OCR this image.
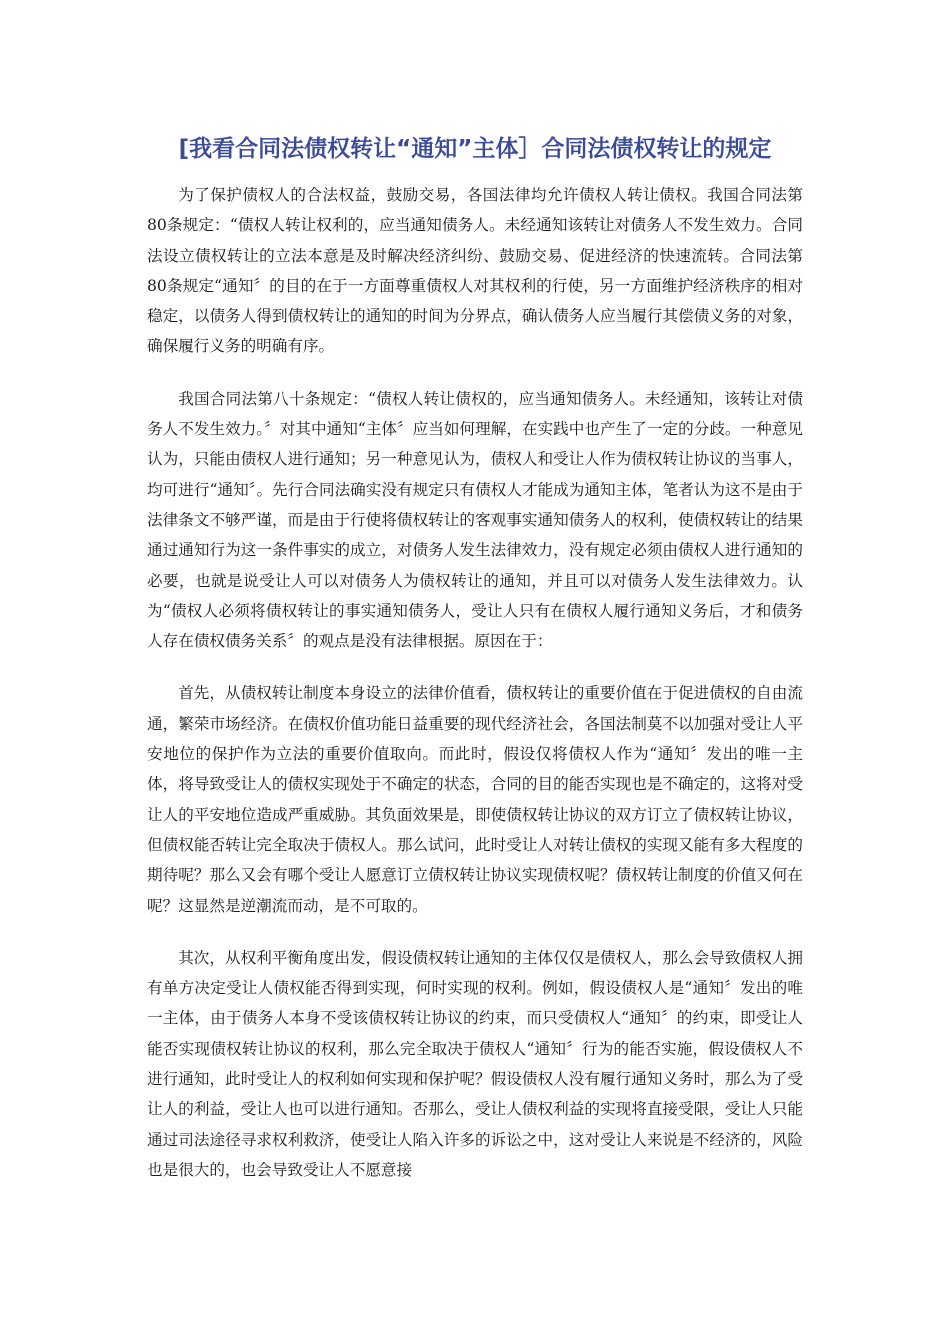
[我看合同法债权转让“通知”主体］合同法债权转让的规定

为了保护债权人的合法权益，鼓励交易，各国法律均允许债权人转让债权。我国合同法第80条规定：“债权人转让权利的，应当通知债务人。未经通知该转让对债务人不发生效力。合同法设立债权转让的立法本意是及时解决经济纠纷、鼓励交易、促进经济的快速流转。合同法第80条规定“通知〞的目的在于一方面尊重债权人对其权利的行使，另一方面维护经济秩序的相对稳定，以债务人得到债权转让的通知的时间为分界点，确认债务人应当履行其偿债义务的对象，确保履行义务的明确有序。

我国合同法第八十条规定：“债权人转让债权的，应当通知债务人。未经通知，该转让对债务人不发生效力。〞对其中通知“主体〞应当如何理解，在实践中也产生了一定的分歧。一种意见认为，只能由债权人进行通知；另一种意见认为，债权人和受让人作为债权转让协议的当事人，均可进行“通知〞。先行合同法确实没有规定只有债权人才能成为通知主体，笔者认为这不是由于法律条文不够严谨，而是由于行使将债权转让的客观事实通知债务人的权利，使债权转让的结果通过通知行为这一条件事实的成立，对债务人发生法律效力，没有规定必须由债权人进行通知的必要，也就是说受让人可以对债务人为债权转让的通知，并且可以对债务人发生法律效力。认为“债权人必须将债权转让的事实通知债务人，受让人只有在债权人履行通知义务后，才和债务人存在债权债务关系〞的观点是没有法律根据。原因在于：

首先，从债权转让制度本身设立的法律价值看，债权转让的重要价值在于促进债权的自由流通，繁荣市场经济。在债权价值功能日益重要的现代经济社会，各国法制莫不以加强对受让人平安地位的保护作为立法的重要价值取向。而此时，假设仅将债权人作为“通知〞发出的唯一主体，将导致受让人的债权实现处于不确定的状态，合同的目的能否实现也是不确定的，这将对受让人的平安地位造成严重威胁。其负面效果是，即使债权转让协议的双方订立了债权转让协议，但债权能否转让完全取决于债权人。那么试问，此时受让人对转让债权的实现又能有多大程度的期待呢？那么又会有哪个受让人愿意订立债权转让协议实现债权呢？债权转让制度的价值又何在呢？这显然是逆潮流而动，是不可取的。

其次，从权利平衡角度出发，假设债权转让通知的主体仅仅是债权人，那么会导致债权人拥有单方决定受让人债权能否得到实现，何时实现的权利。例如，假设债权人是“通知〞发出的唯一主体，由于债务人本身不受该债权转让协议的约束，而只受债权人“通知〞的约束，即受让人能否实现债权转让协议的权利，那么完全取决于债权人“通知〞行为的能否实施，假设债权人不进行通知，此时受让人的权利如何实现和保护呢？假设债权人没有履行通知义务时，那么为了受让人的利益，受让人也可以进行通知。否那么，受让人债权利益的实现将直接受限，受让人只能通过司法途径寻求权利救济，使受让人陷入许多的诉讼之中，这对受让人来说是不经济的，风险也是很大的，也会导致受让人不愿意接
